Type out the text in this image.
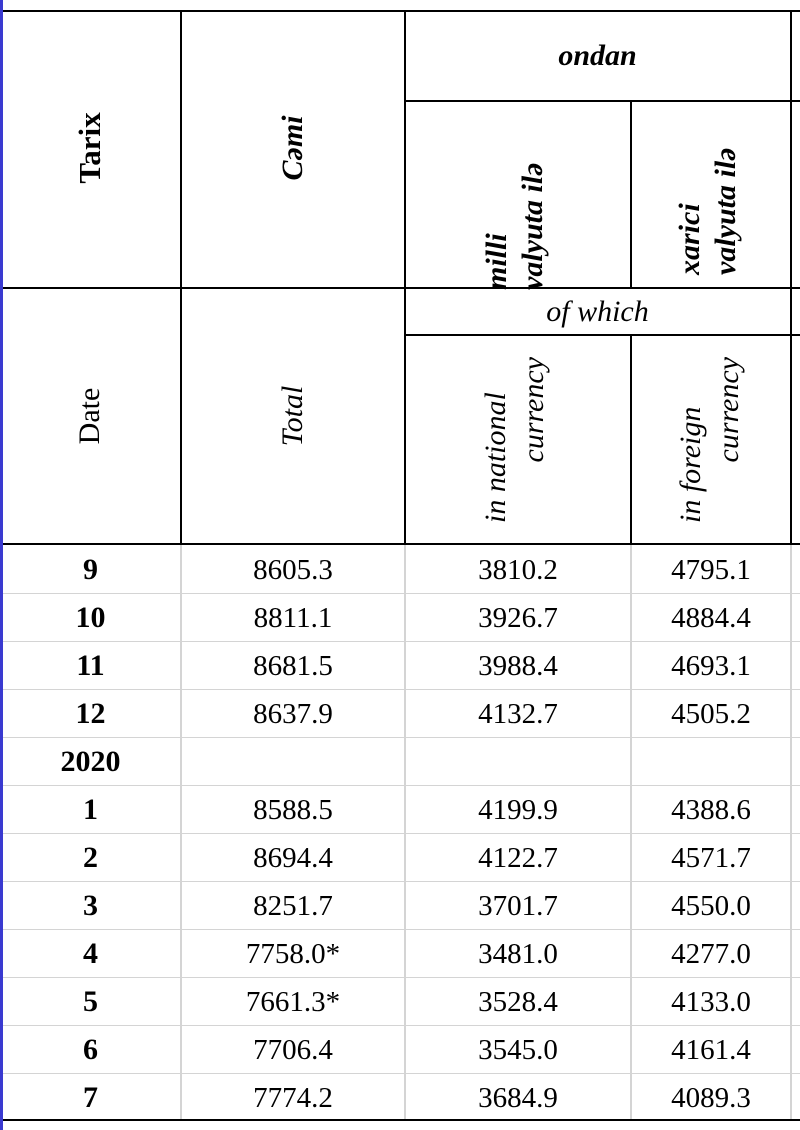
Tarix	Cəmi
ondan
milli valyuta ilə	xarici valyuta ilə
Date	Total
of which
in national currency	in foreign currency
9	8605.3	3810.2	4795.1
10	8811.1	3926.7	4884.4
11	8681.5	3988.4	4693.1
12	8637.9	4132.7	4505.2
2020
1	8588.5	4199.9	4388.6
2	8694.4	4122.7	4571.7
3	8251.7	3701.7	4550.0
4	7758.0*	3481.0	4277.0
5	7661.3*	3528.4	4133.0
6	7706.4	3545.0	4161.4
7	7774.2	3684.9	4089.3
